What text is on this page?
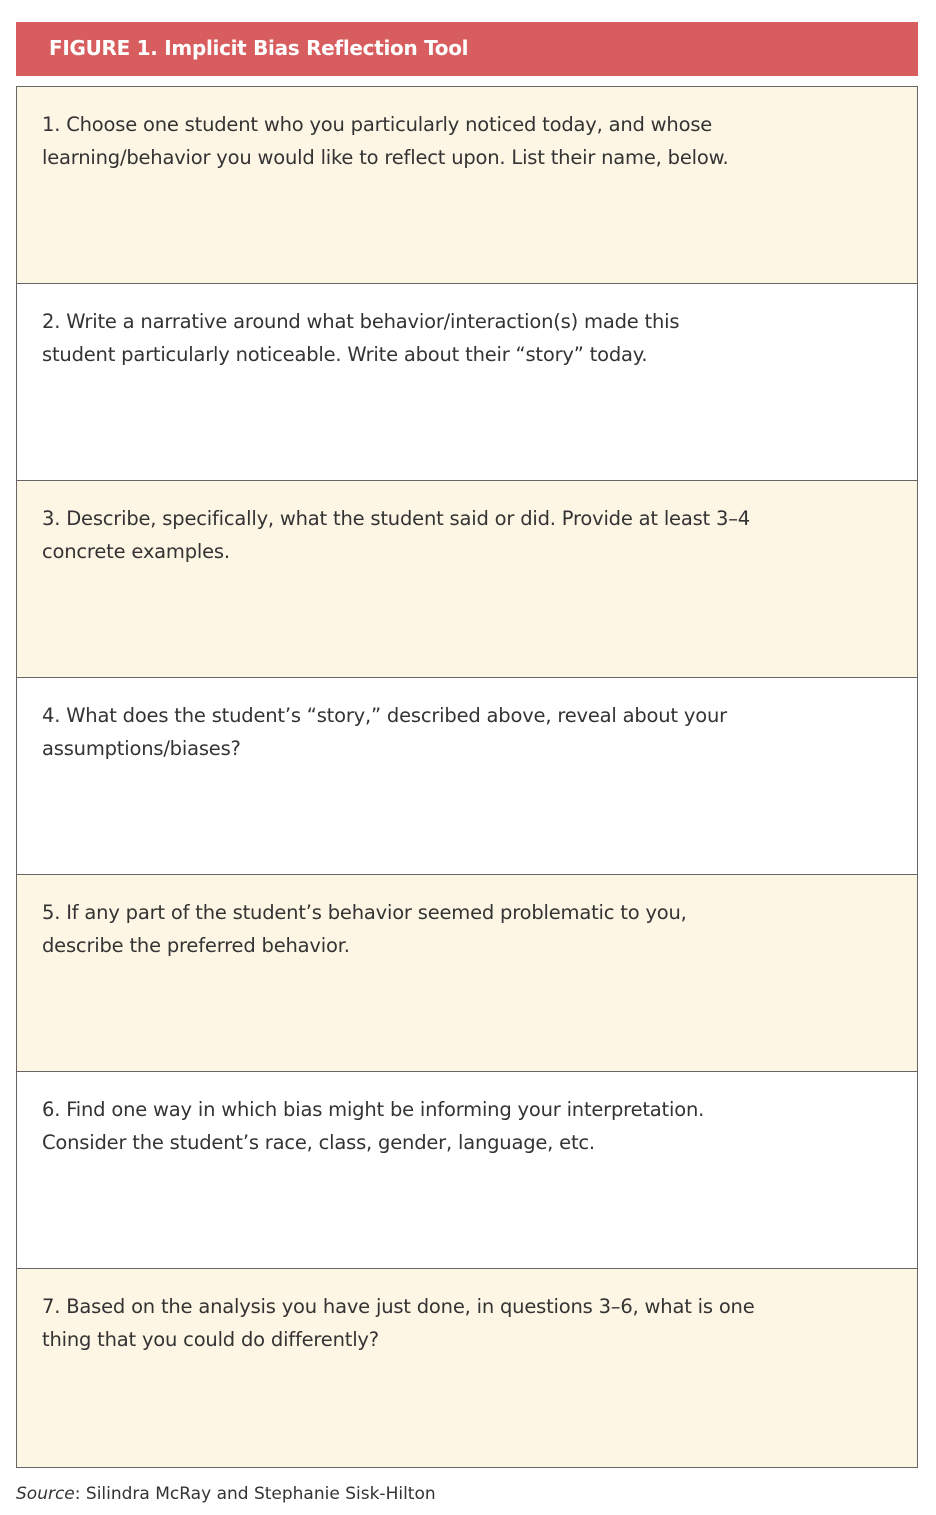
FIGURE 1. Implicit Bias Reflection Tool
1. Choose one student who you particularly noticed today, and whose
learning/behavior you would like to reflect upon. List their name, below.
2. Write a narrative around what behavior/interaction(s) made this
student particularly noticeable. Write about their “story” today.
3. Describe, specifically, what the student said or did. Provide at least 3–4
concrete examples.
4. What does the student’s “story,” described above, reveal about your
assumptions/biases?
5. If any part of the student’s behavior seemed problematic to you,
describe the preferred behavior.
6. Find one way in which bias might be informing your interpretation.
Consider the student’s race, class, gender, language, etc.
7. Based on the analysis you have just done, in questions 3–6, what is one
thing that you could do differently?
Source: Silindra McRay and Stephanie Sisk-Hilton
